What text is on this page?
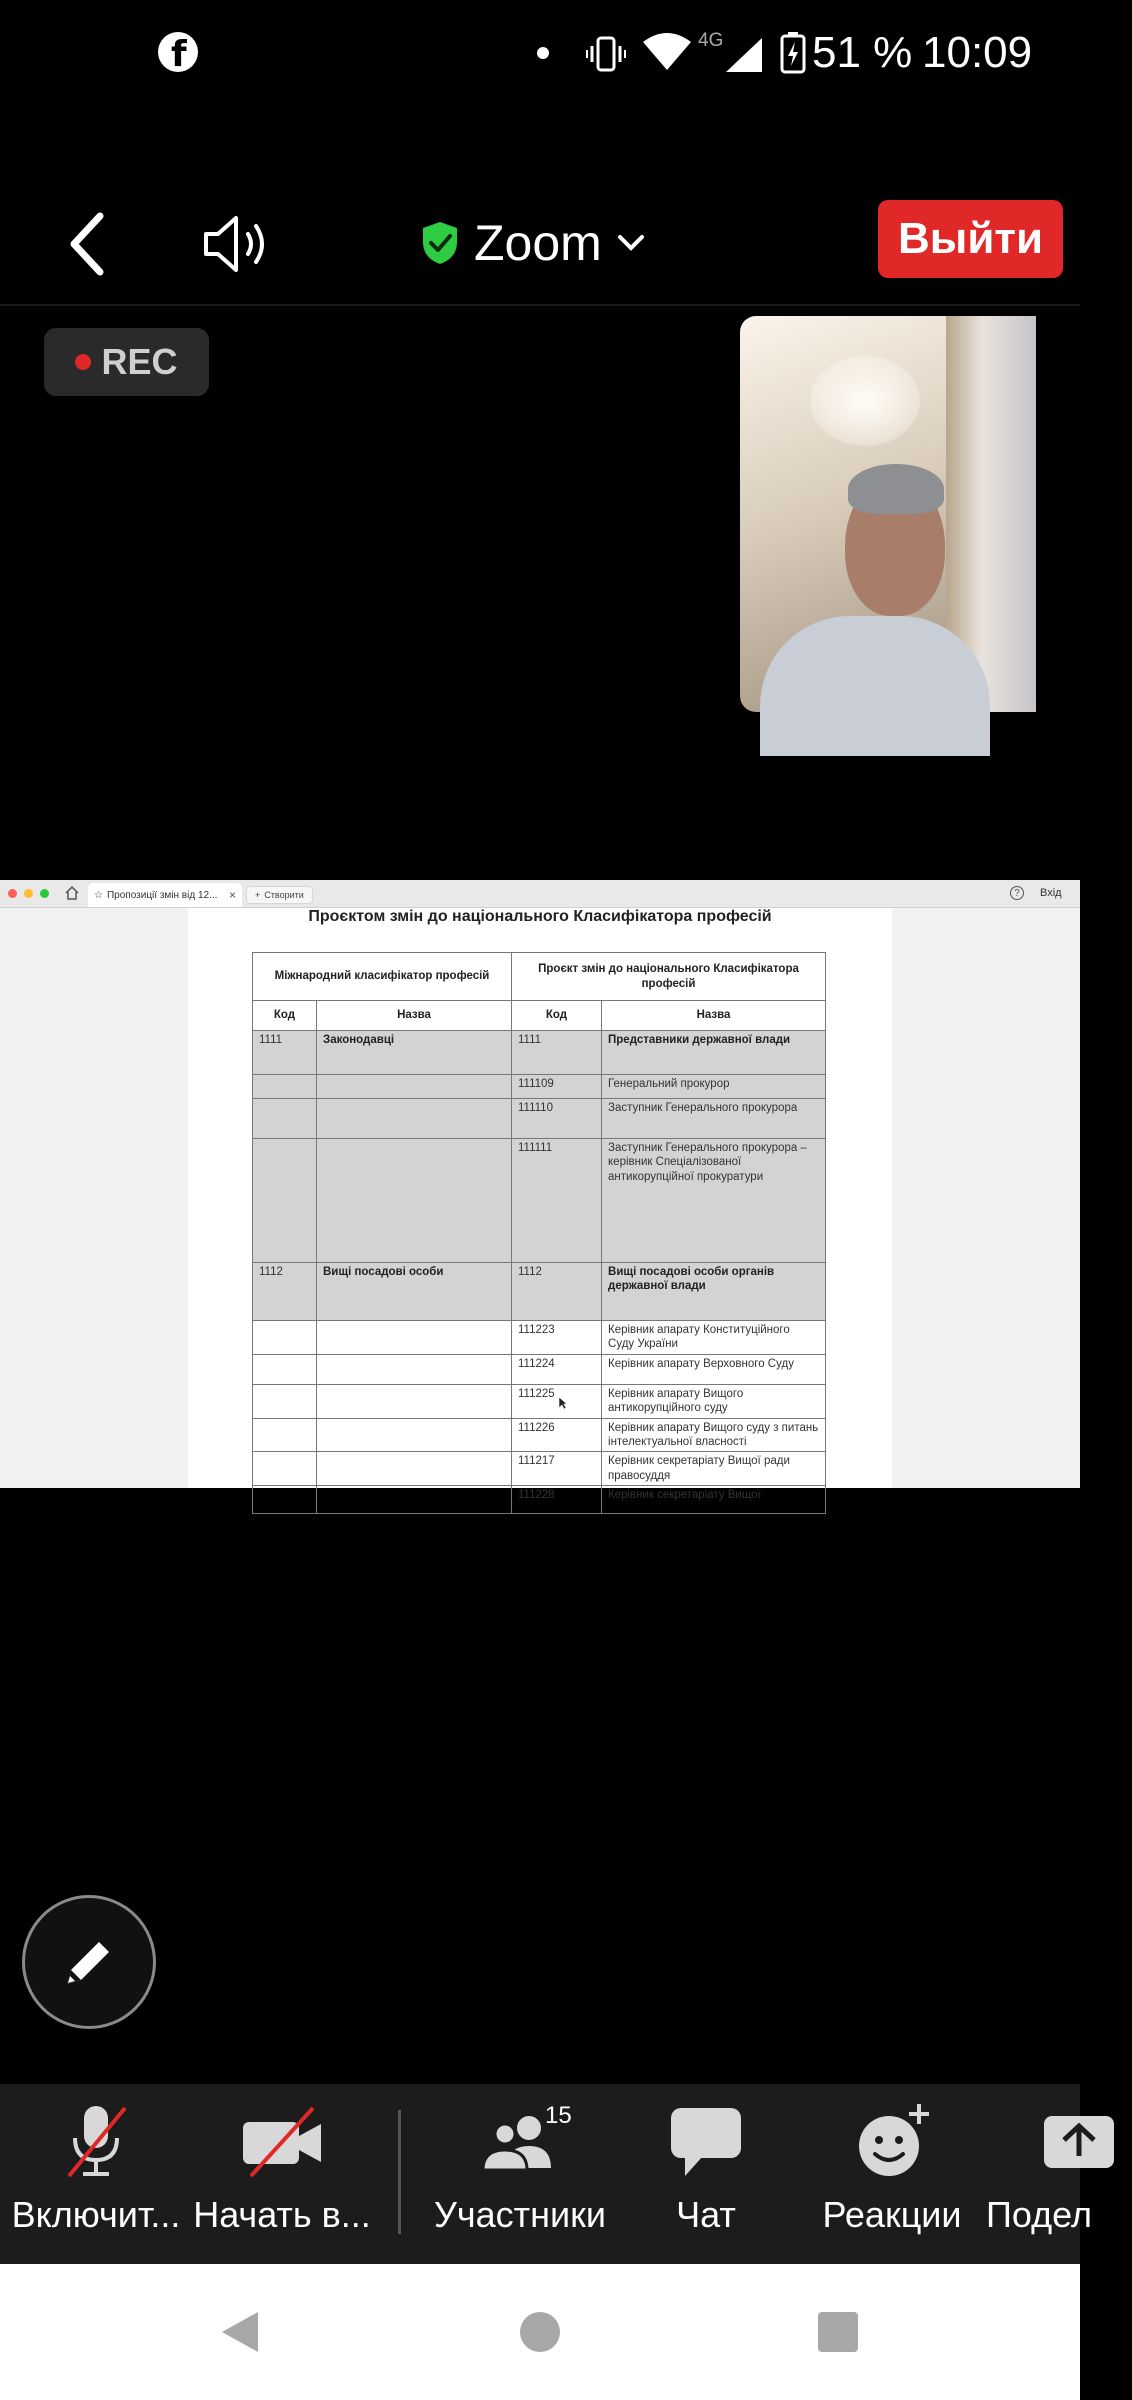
f	4G 51 % 10:09
Zoom	Выйти
REC
☆ Пропозиції змін від 12... × + Створити	?	Вхід
Проєктом змін до національного Класифікатора професій
Міжнародний класифікатор професій		Проєкт змін до національного Класифікатора професій	
Код	Назва	Код	Назва
1111	Законодавці	1111	Представники державної влади
		111109	Генеральний прокурор
		111110	Заступник Генерального прокурора
		111111	Заступник Генерального прокурора – керівник Спеціалізованої антикорупційної прокуратури
1112	Вищі посадові особи	1112	Вищі посадові особи органів державної влади
		111223	Керівник апарату Конституційного Суду України
		111224	Керівник апарату Верховного Суду
		111225	Керівник апарату Вищого антикорупційного суду
		111226	Керівник апарату Вищого суду з питань інтелектуальної власності
		111217	Керівник секретаріату Вищої ради правосуддя
		111228	Керівник секретаріату Вищої
Включит... Начать в...
15
Участники Чат Реакции Подел
